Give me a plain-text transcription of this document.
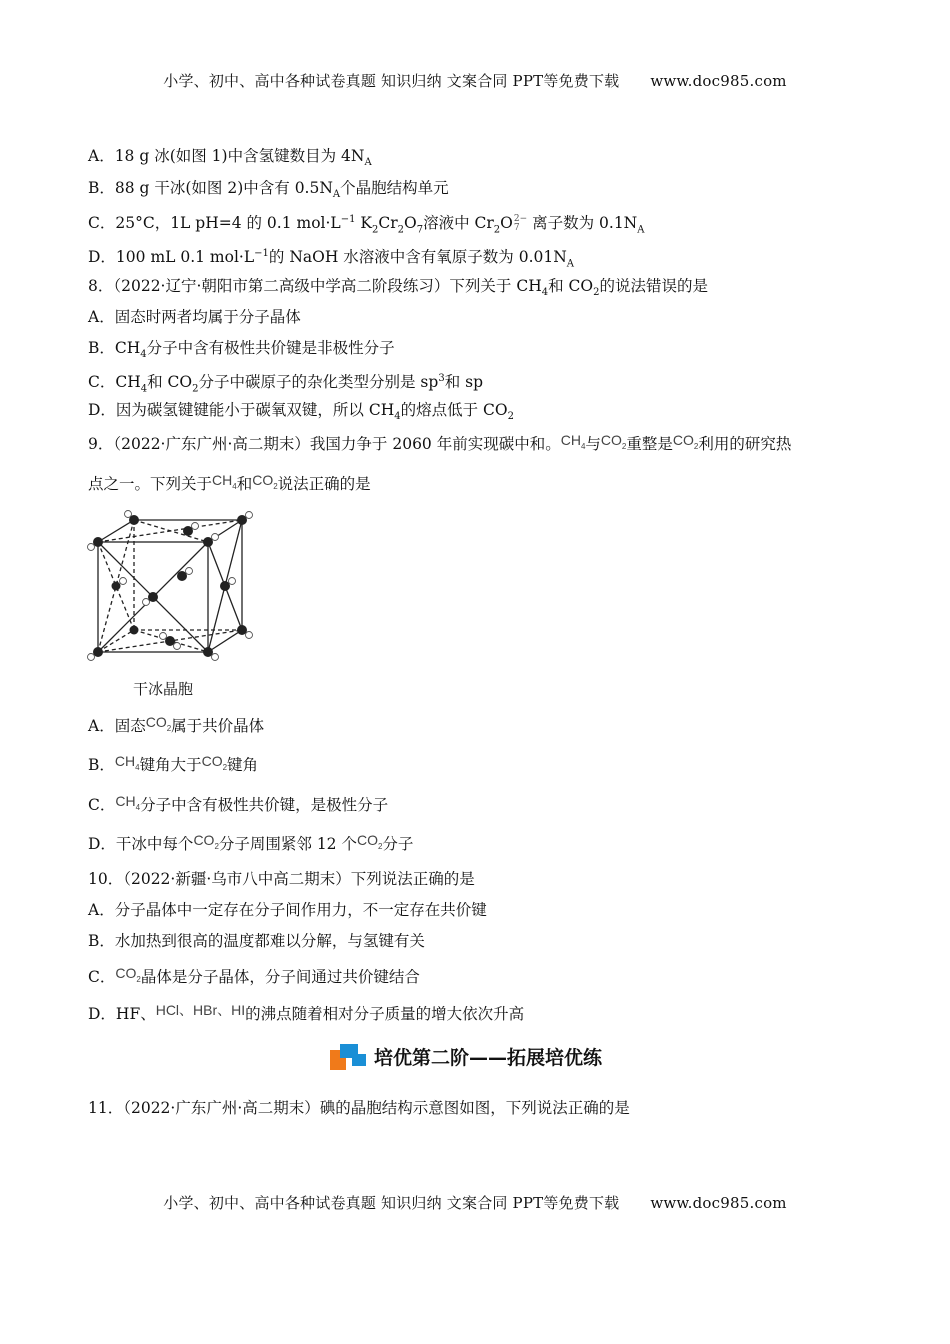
小学、初中、高中各种试卷真题 知识归纳 文案合同 PPT等免费下载 www.doc985.com
A．18 g 冰(如图 1)中含氢键数目为 $4N_A$
B．88 g 干冰(如图 2)中含有 $0.5N_A$个晶胞结构单元
C．25°C，1L pH=4 的 0.1 $mol\cdot L^{-1}$ $K_2Cr_2O_7$溶液中 $Cr_2O$ 2−
7 离子数为 $0.1N_A$
D．100 mL 0.1 $mol\cdot L^{-1}$的 NaOH 水溶液中含有氧原子数为 $0.01N_A$
8．（2022·辽宁·朝阳市第二高级中学高二阶段练习）下列关于 $CH_4$和 $CO_2$的说法错误的是
A．固态时两者均属于分子晶体
B．$CH_4$分子中含有极性共价键是非极性分子
C．$CH_4$和 $CO_2$分子中碳原子的杂化类型分别是 $sp^3$和 sp
D．因为碳氢键键能小于碳氧双键，所以 $CH_4$的熔点低于 $CO_2$
9．（2022·广东广州·高二期末）我国力争于 2060 年前实现碳中和。$CH_4$与$CO_2$重整是$CO_2$利用的研究热
点之一。下列关于$CH_4$和$CO_2$说法正确的是
干冰晶胞
A．固态$CO_2$属于共价晶体
B．$CH_4$键角大于$CO_2$键角
C．$CH_4$分子中含有极性共价键，是极性分子
D．干冰中每个$CO_2$分子周围紧邻 12 个$CO_2$分子
10．（2022·新疆·乌市八中高二期末）下列说法正确的是
A．分子晶体中一定存在分子间作用力，不一定存在共价键
B．水加热到很高的温度都难以分解，与氢键有关
C．$CO_2$晶体是分子晶体，分子间通过共价键结合
D．HF、HCl、HBr、HI的沸点随着相对分子质量的增大依次升高
培优第二阶——拓展培优练
11．（2022·广东广州·高二期末）碘的晶胞结构示意图如图，下列说法正确的是
小学、初中、高中各种试卷真题 知识归纳 文案合同 PPT等免费下载 www.doc985.com
